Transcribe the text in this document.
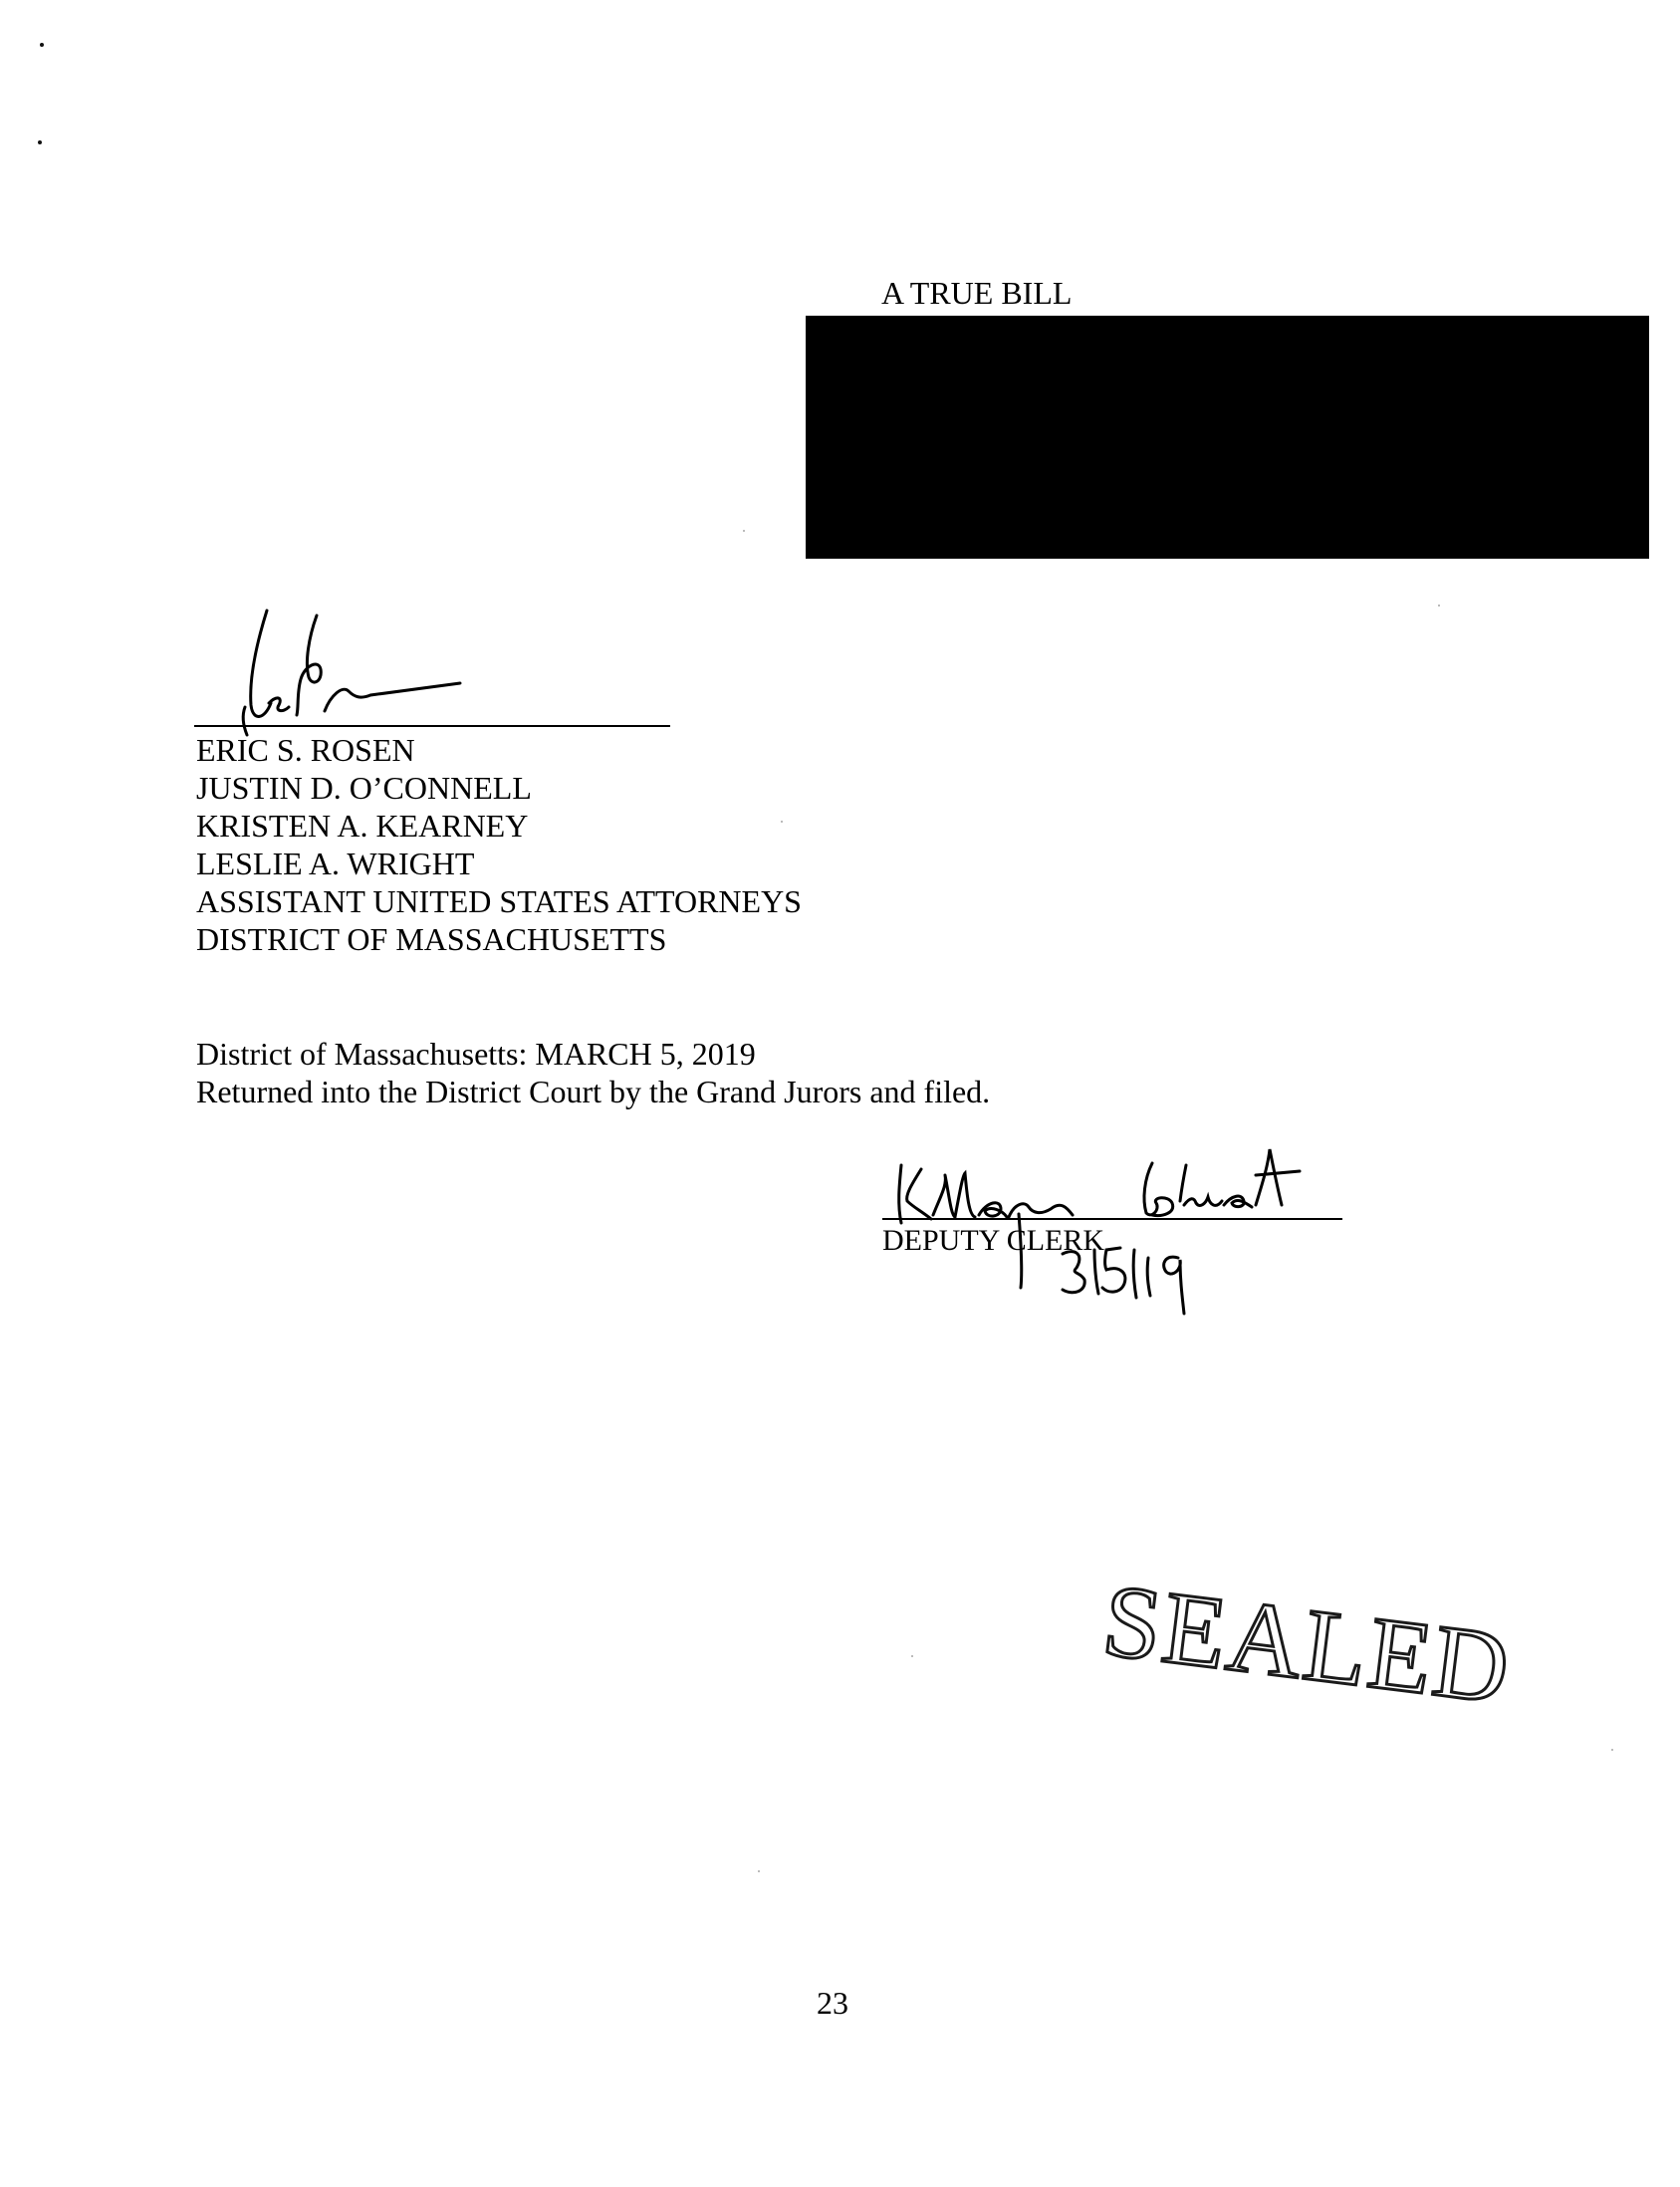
A TRUE BILL
ERIC S. ROSEN
JUSTIN D. O’CONNELL
KRISTEN A. KEARNEY
LESLIE A. WRIGHT
ASSISTANT UNITED STATES ATTORNEYS
DISTRICT OF MASSACHUSETTS
District of Massachusetts: MARCH 5, 2019
Returned into the District Court by the Grand Jurors and filed.
DEPUTY CLERK
SEALED
23
